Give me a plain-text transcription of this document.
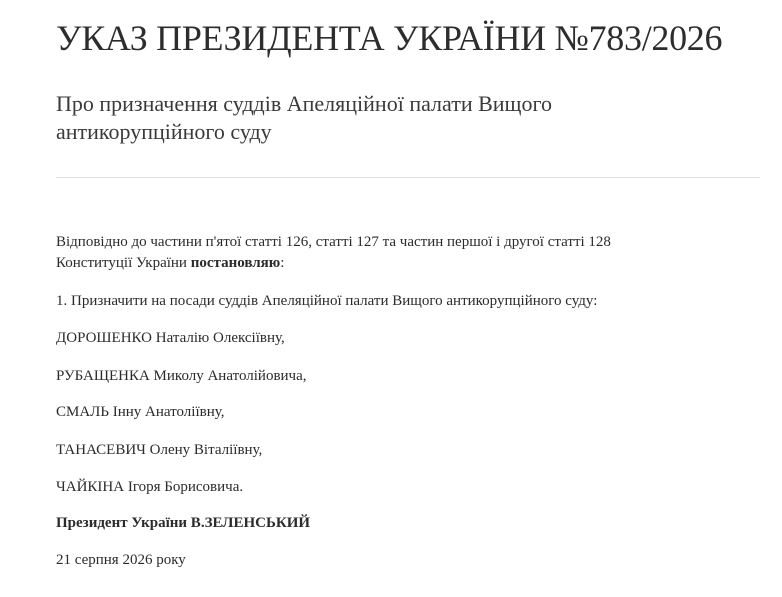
УКАЗ ПРЕЗИДЕНТА УКРАЇНИ №783/2026
Про призначення суддів Апеляційної палати Вищого антикорупційного суду

Відповідно до частини п'ятої статті 126, статті 127 та частин першої і другої статті 128
Конституції України постановляю:

1. Призначити на посади суддів Апеляційної палати Вищого антикорупційного суду:

ДОРОШЕНКО Наталію Олексіївну,

РУБАЩЕНКА Миколу Анатолійовича,

СМАЛЬ Інну Анатоліївну,

ТАНАСЕВИЧ Олену Віталіївну,

ЧАЙКІНА Ігоря Борисовича.

Президент України В.ЗЕЛЕНСЬКИЙ

21 серпня 2026 року
